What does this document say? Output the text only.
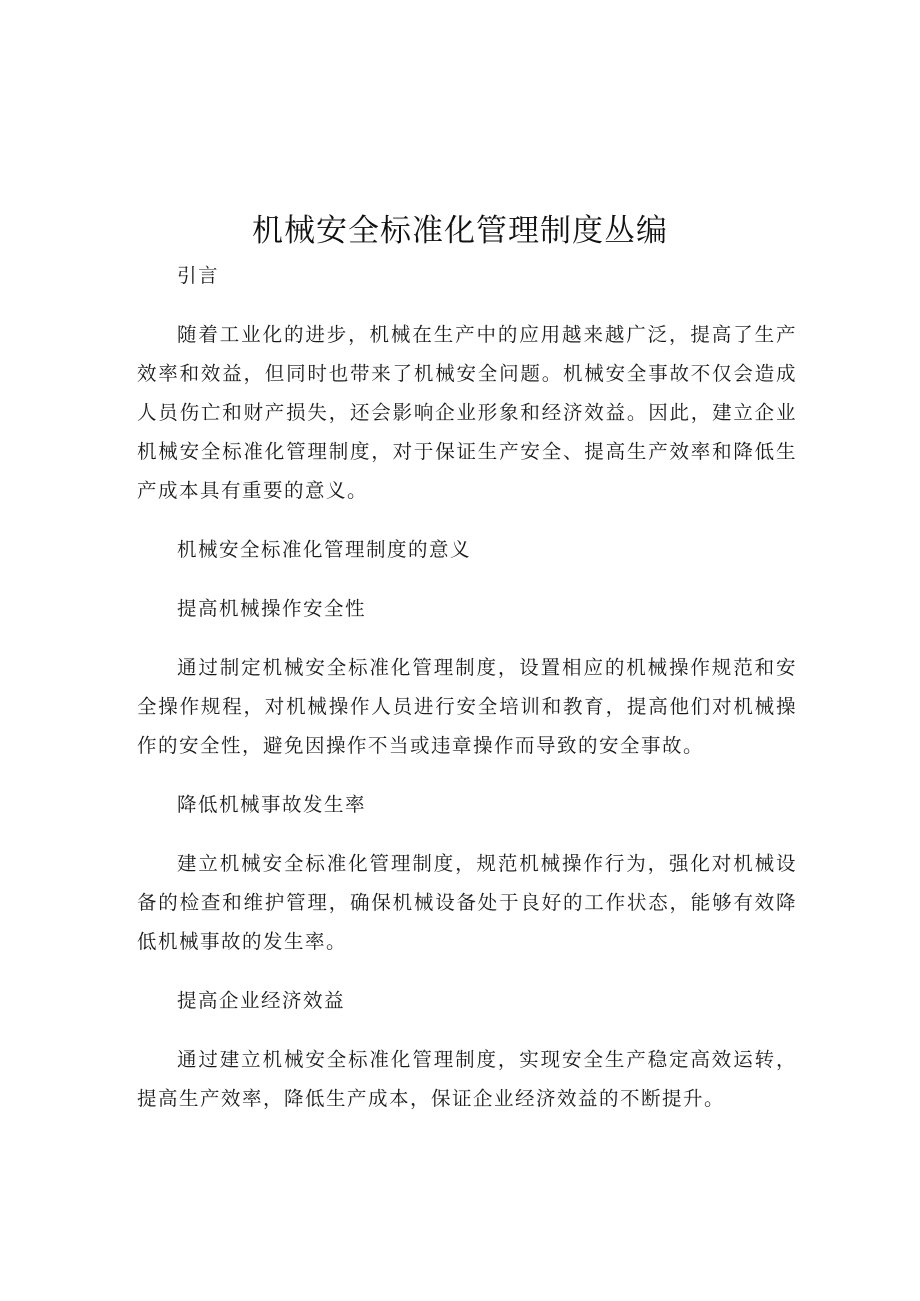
机械安全标准化管理制度丛编

引言

随着工业化的进步，机械在生产中的应用越来越广泛，提高了生产效率和效益，但同时也带来了机械安全问题。机械安全事故不仅会造成人员伤亡和财产损失，还会影响企业形象和经济效益。因此，建立企业机械安全标准化管理制度，对于保证生产安全、提高生产效率和降低生产成本具有重要的意义。

机械安全标准化管理制度的意义

提高机械操作安全性

通过制定机械安全标准化管理制度，设置相应的机械操作规范和安全操作规程，对机械操作人员进行安全培训和教育，提高他们对机械操作的安全性，避免因操作不当或违章操作而导致的安全事故。

降低机械事故发生率

建立机械安全标准化管理制度，规范机械操作行为，强化对机械设备的检查和维护管理，确保机械设备处于良好的工作状态，能够有效降低机械事故的发生率。

提高企业经济效益

通过建立机械安全标准化管理制度，实现安全生产稳定高效运转，提高生产效率，降低生产成本，保证企业经济效益的不断提升。
